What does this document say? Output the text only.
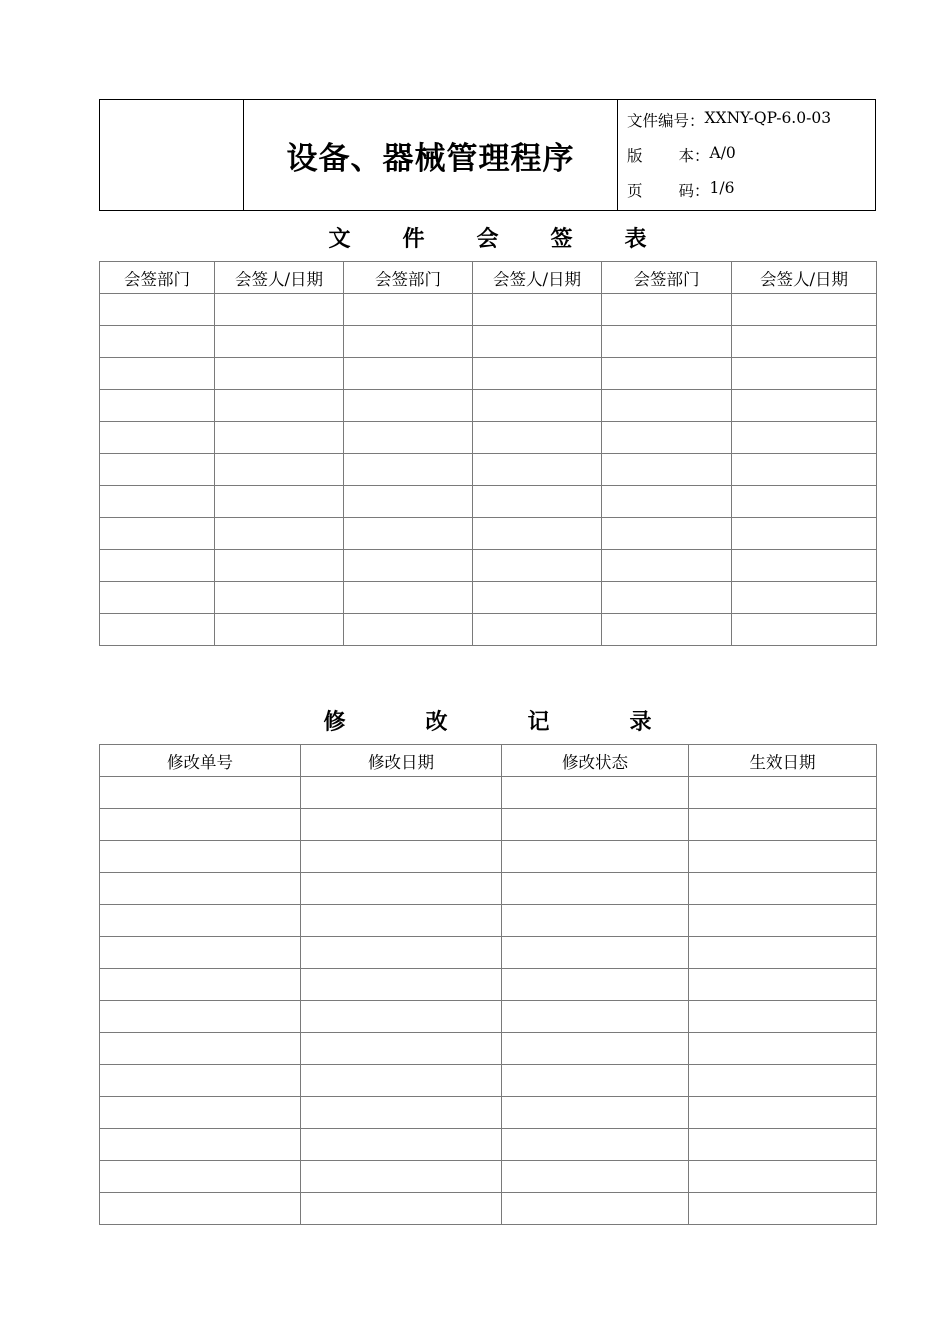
设备、器械管理程序
文件编号： XXNY-QP-6.0-03
版 本 ： A/0
页 码 ： 1/6
文 件 会 签 表
会签部门	会签人/日期	会签部门	会签人/日期	会签部门	会签人/日期

修	改	记	录
修改单号	修改日期	修改状态	生效日期
